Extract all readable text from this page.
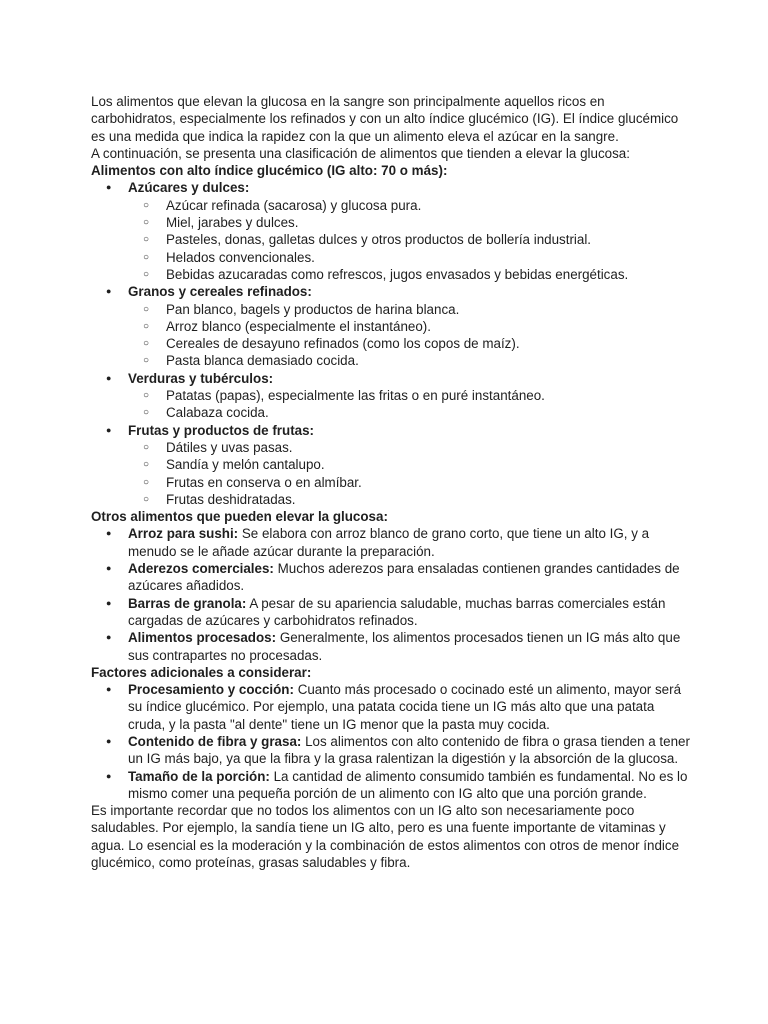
Los alimentos que elevan la glucosa en la sangre son principalmente aquellos ricos en carbohidratos, especialmente los refinados y con un alto índice glucémico (IG). El índice glucémico es una medida que indica la rapidez con la que un alimento eleva el azúcar en la sangre.

A continuación, se presenta una clasificación de alimentos que tienden a elevar la glucosa:

Alimentos con alto índice glucémico (IG alto: 70 o más):

● Azúcares y dulces:
○ Azúcar refinada (sacarosa) y glucosa pura.
○ Miel, jarabes y dulces.
○ Pasteles, donas, galletas dulces y otros productos de bollería industrial.
○ Helados convencionales.
○ Bebidas azucaradas como refrescos, jugos envasados y bebidas energéticas.
● Granos y cereales refinados:
○ Pan blanco, bagels y productos de harina blanca.
○ Arroz blanco (especialmente el instantáneo).
○ Cereales de desayuno refinados (como los copos de maíz).
○ Pasta blanca demasiado cocida.
● Verduras y tubérculos:
○ Patatas (papas), especialmente las fritas o en puré instantáneo.
○ Calabaza cocida.
● Frutas y productos de frutas:
○ Dátiles y uvas pasas.
○ Sandía y melón cantalupo.
○ Frutas en conserva o en almíbar.
○ Frutas deshidratadas.

Otros alimentos que pueden elevar la glucosa:

● Arroz para sushi: Se elabora con arroz blanco de grano corto, que tiene un alto IG, y a menudo se le añade azúcar durante la preparación.
● Aderezos comerciales: Muchos aderezos para ensaladas contienen grandes cantidades de azúcares añadidos.
● Barras de granola: A pesar de su apariencia saludable, muchas barras comerciales están cargadas de azúcares y carbohidratos refinados.
● Alimentos procesados: Generalmente, los alimentos procesados tienen un IG más alto que sus contrapartes no procesadas.

Factores adicionales a considerar:

● Procesamiento y cocción: Cuanto más procesado o cocinado esté un alimento, mayor será su índice glucémico. Por ejemplo, una patata cocida tiene un IG más alto que una patata cruda, y la pasta "al dente" tiene un IG menor que la pasta muy cocida.
● Contenido de fibra y grasa: Los alimentos con alto contenido de fibra o grasa tienden a tener un IG más bajo, ya que la fibra y la grasa ralentizan la digestión y la absorción de la glucosa.
● Tamaño de la porción: La cantidad de alimento consumido también es fundamental. No es lo mismo comer una pequeña porción de un alimento con IG alto que una porción grande.

Es importante recordar que no todos los alimentos con un IG alto son necesariamente poco saludables. Por ejemplo, la sandía tiene un IG alto, pero es una fuente importante de vitaminas y agua. Lo esencial es la moderación y la combinación de estos alimentos con otros de menor índice glucémico, como proteínas, grasas saludables y fibra.
